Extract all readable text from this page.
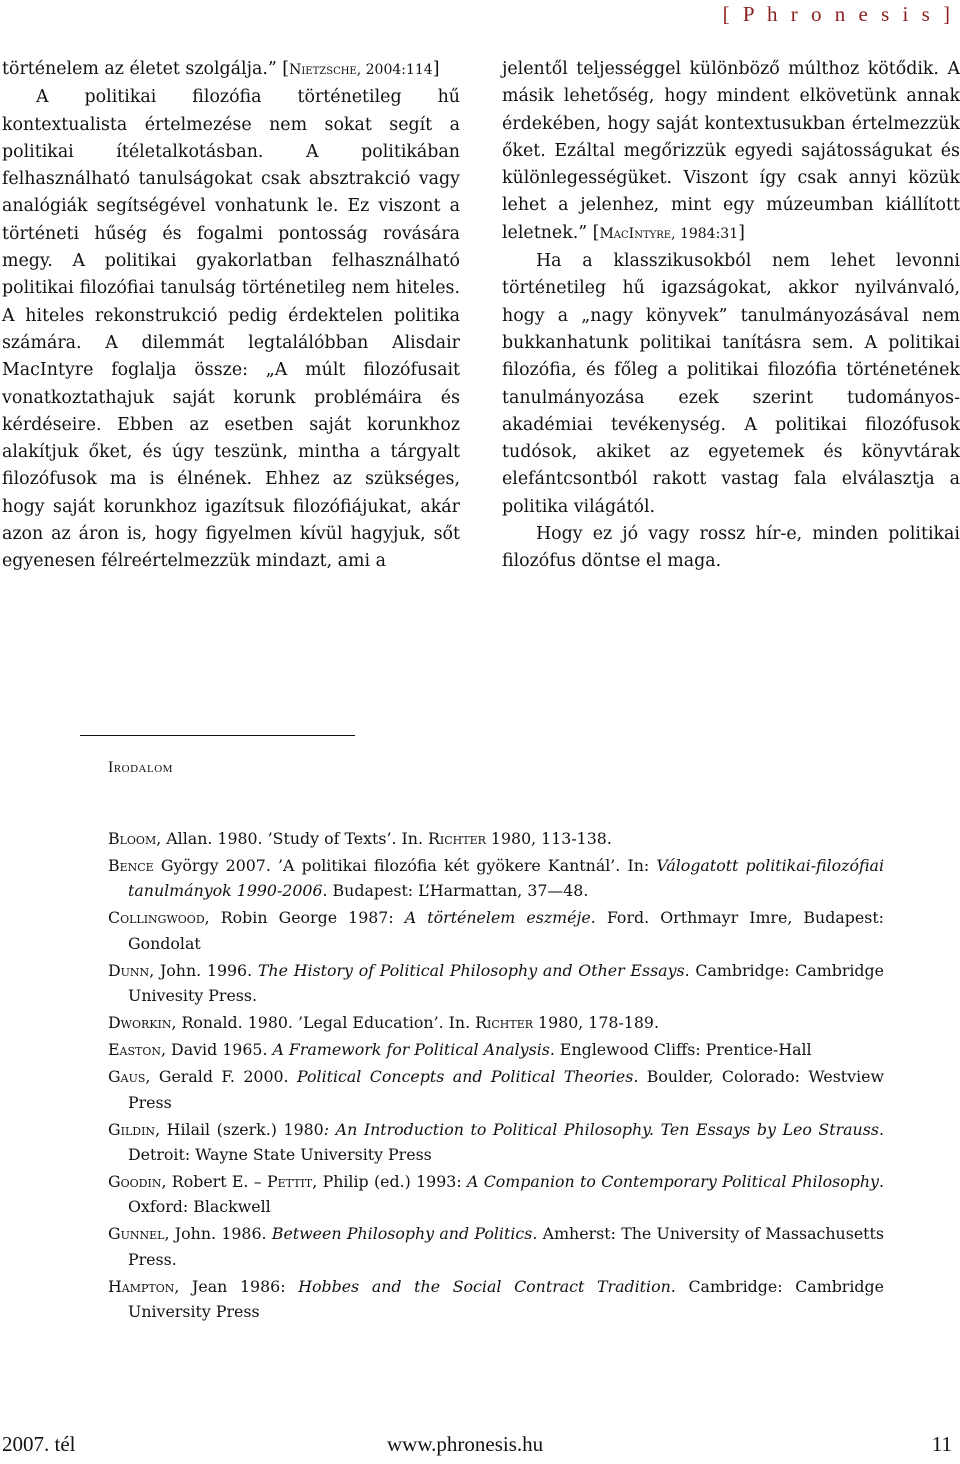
[ P h r o n e s i s ]

történelem az életet szolgálja.” [Nietzsche, 2004:114]

A politikai filozófia történetileg hű kontextualista értelmezése nem sokat segít a politikai ítéletalkotásban. A politikában felhasználható tanulságokat csak absztrakció vagy analógiák segítségével vonhatunk le. Ez viszont a történeti hűség és fogalmi pontosság rovására megy. A politikai gyakorlatban felhasználható politikai filozófiai tanulság történetileg nem hiteles. A hiteles rekonstrukció pedig érdektelen politika számára. A dilemmát legtalálóbban Alisdair MacIntyre foglalja össze: „A múlt filozófusait vonatkoztathajuk saját korunk problémáira és kérdéseire. Ebben az esetben saját korunkhoz alakítjuk őket, és úgy teszünk, mintha a tárgyalt filozófusok ma is élnének. Ehhez az szükséges, hogy saját korunkhoz igazítsuk filozófiájukat, akár azon az áron is, hogy figyelmen kívül hagyjuk, sőt egyenesen félreértelmezzük mindazt, ami a

jelentől teljességgel különböző múlthoz kötődik. A másik lehetőség, hogy mindent elkövetünk annak érdekében, hogy saját kontextusukban értelmezzük őket. Ezáltal megőrizzük egyedi sajátosságukat és különlegességüket. Viszont így csak annyi közük lehet a jelenhez, mint egy múzeumban kiállított leletnek.” [MacIntyre, 1984:31]

Ha a klasszikusokból nem lehet levonni történetileg hű igazságokat, akkor nyilvánvaló, hogy a „nagy könyvek” tanulmányozásával nem bukkanhatunk politikai tanításra sem. A politikai filozófia, és főleg a politikai filozófia történetének tanulmányozása ezek szerint tudományos-akadémiai tevékenység. A politikai filozófusok tudósok, akiket az egyetemek és könyvtárak elefántcsontból rakott vastag fala elválasztja a politika világától.

Hogy ez jó vagy rossz hír-e, minden politikai filozófus döntse el maga.

Irodalom

Bloom, Allan. 1980. ’Study of Texts’. In. Richter 1980, 113-138.

Bence György 2007. ’A politikai filozófia két gyökere Kantnál’. In: Válogatott politikai-filozófiai tanulmányok 1990-2006. Budapest: L’Harmattan, 37—48.

Collingwood, Robin George 1987: A történelem eszméje. Ford. Orthmayr Imre, Budapest: Gondolat

Dunn, John. 1996. The History of Political Philosophy and Other Essays. Cambridge: Cambridge Univesity Press.

Dworkin, Ronald. 1980. ’Legal Education’. In. Richter 1980, 178-189.

Easton, David 1965. A Framework for Political Analysis. Englewood Cliffs: Prentice-Hall

Gaus, Gerald F. 2000. Political Concepts and Political Theories. Boulder, Colorado: Westview Press

Gildin, Hilail (szerk.) 1980: An Introduction to Political Philosophy. Ten Essays by Leo Strauss. Detroit: Wayne State University Press

Goodin, Robert E. – Pettit, Philip (ed.) 1993: A Companion to Contemporary Political Philosophy. Oxford: Blackwell

Gunnel, John. 1986. Between Philosophy and Politics. Amherst: The University of Massachusetts Press.

Hampton, Jean 1986: Hobbes and the Social Contract Tradition. Cambridge: Cambridge University Press

2007. tél	www.phronesis.hu	11
